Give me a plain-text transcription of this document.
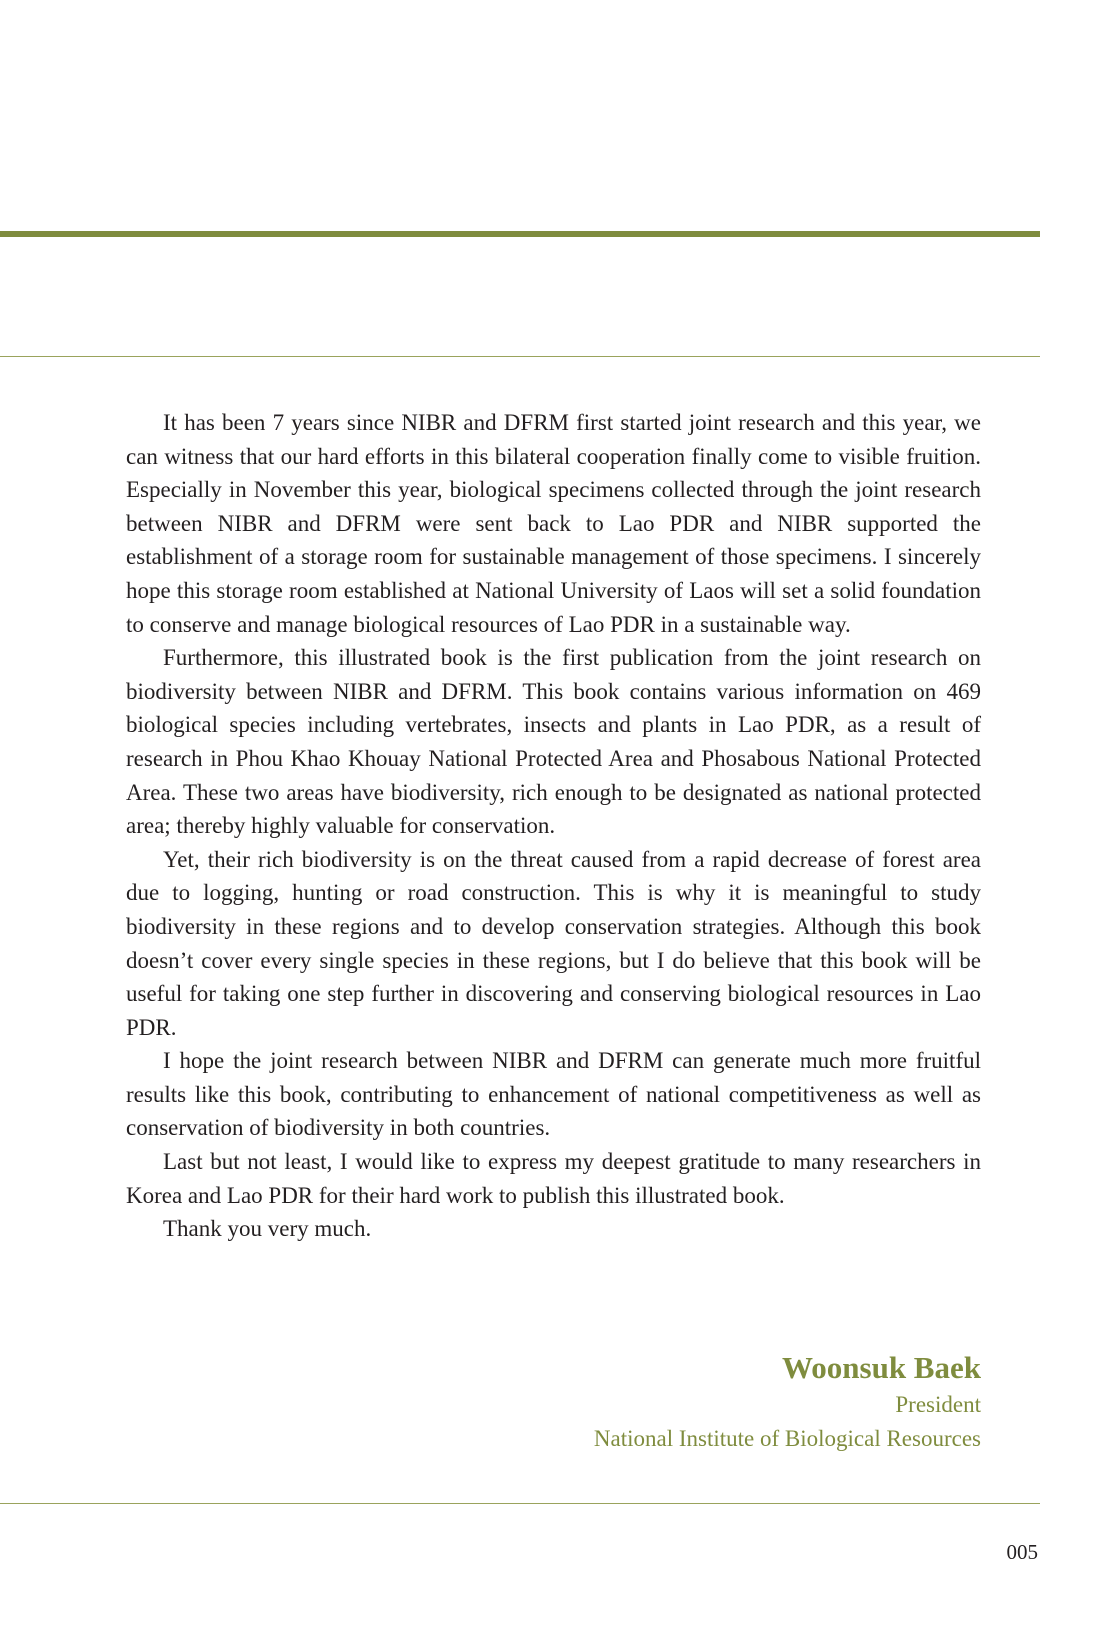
It has been 7 years since NIBR and DFRM first started joint research and this year, we can witness that our hard efforts in this bilateral cooperation finally come to visible fruition. Especially in November this year, biological specimens collected through the joint research between NIBR and DFRM were sent back to Lao PDR and NIBR supported the establishment of a storage room for sustainable management of those specimens. I sincerely hope this storage room established at National University of Laos will set a solid foundation to conserve and manage biological resources of Lao PDR in a sustainable way.

Furthermore, this illustrated book is the first publication from the joint research on biodiversity between NIBR and DFRM. This book contains various information on 469 biological species including vertebrates, insects and plants in Lao PDR, as a result of research in Phou Khao Khouay National Protected Area and Phosabous National Protected Area. These two areas have biodiversity, rich enough to be designated as national protected area; thereby highly valuable for conservation.

Yet, their rich biodiversity is on the threat caused from a rapid decrease of forest area due to logging, hunting or road construction. This is why it is meaningful to study biodiversity in these regions and to develop conservation strategies. Although this book doesn’t cover every single species in these regions, but I do believe that this book will be useful for taking one step further in discovering and conserving biological resources in Lao PDR.

I hope the joint research between NIBR and DFRM can generate much more fruitful results like this book, contributing to enhancement of national competitiveness as well as conservation of biodiversity in both countries.

Last but not least, I would like to express my deepest gratitude to many researchers in Korea and Lao PDR for their hard work to publish this illustrated book.

Thank you very much.

Woonsuk Baek
President
National Institute of Biological Resources
005
